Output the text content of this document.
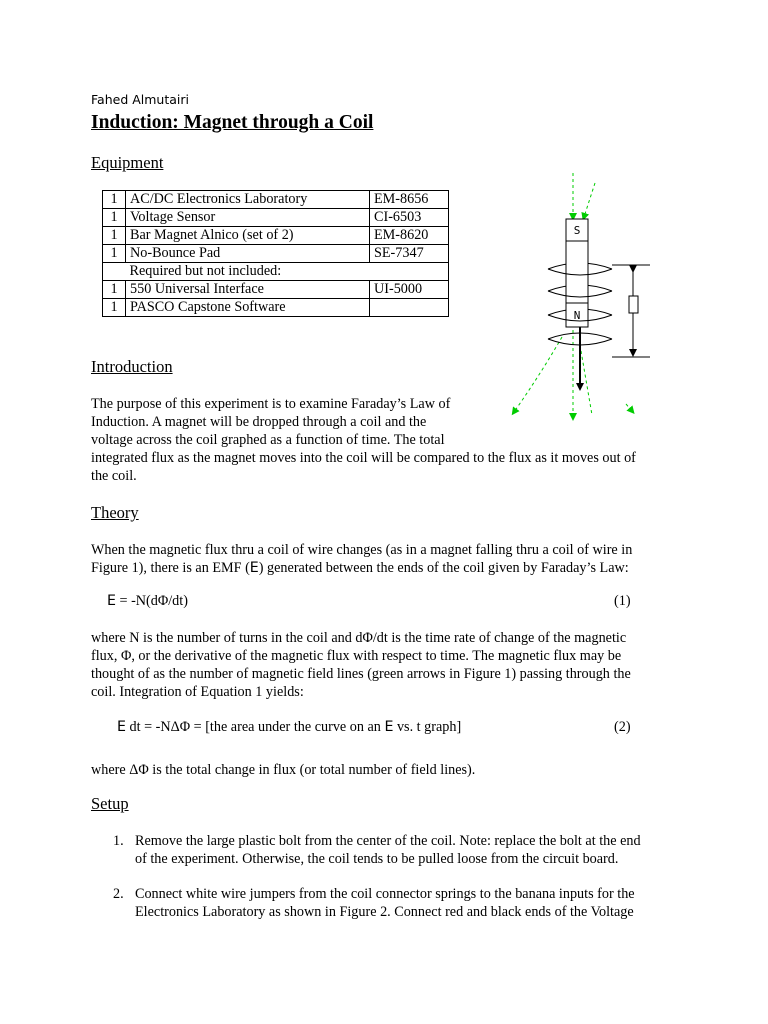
Fahed Almutairi
Induction: Magnet through a Coil
Equipment
1	AC/DC Electronics Laboratory	EM-8656
1	Voltage Sensor	CI-6503
1	Bar Magnet Alnico (set of 2)	EM-8620
1	No-Bounce Pad	SE-7347
	Required but not included:	
1	550 Universal Interface	UI-5000
1	PASCO Capstone Software	
S
N
Introduction
The purpose of this experiment is to examine Faraday’s Law of
Induction. A magnet will be dropped through a coil and the
voltage across the coil graphed as a function of time. The total
integrated flux as the magnet moves into the coil will be compared to the flux as it moves out of
the coil.
Theory
When the magnetic flux thru a coil of wire changes (as in a magnet falling thru a coil of wire in
Figure 1), there is an EMF (E) generated between the ends of the coil given by Faraday’s Law:
E = -N(dΦ/dt)	(1)
where N is the number of turns in the coil and dΦ/dt is the time rate of change of the magnetic
flux, Φ, or the derivative of the magnetic flux with respect to time. The magnetic flux may be
thought of as the number of magnetic field lines (green arrows in Figure 1) passing through the
coil. Integration of Equation 1 yields:
E dt = -NΔΦ = [the area under the curve on an E vs. t graph]	(2)
where ΔΦ is the total change in flux (or total number of field lines).
Setup
1. Remove the large plastic bolt from the center of the coil. Note: replace the bolt at the end
of the experiment. Otherwise, the coil tends to be pulled loose from the circuit board.
2. Connect white wire jumpers from the coil connector springs to the banana inputs for the
Electronics Laboratory as shown in Figure 2. Connect red and black ends of the Voltage
